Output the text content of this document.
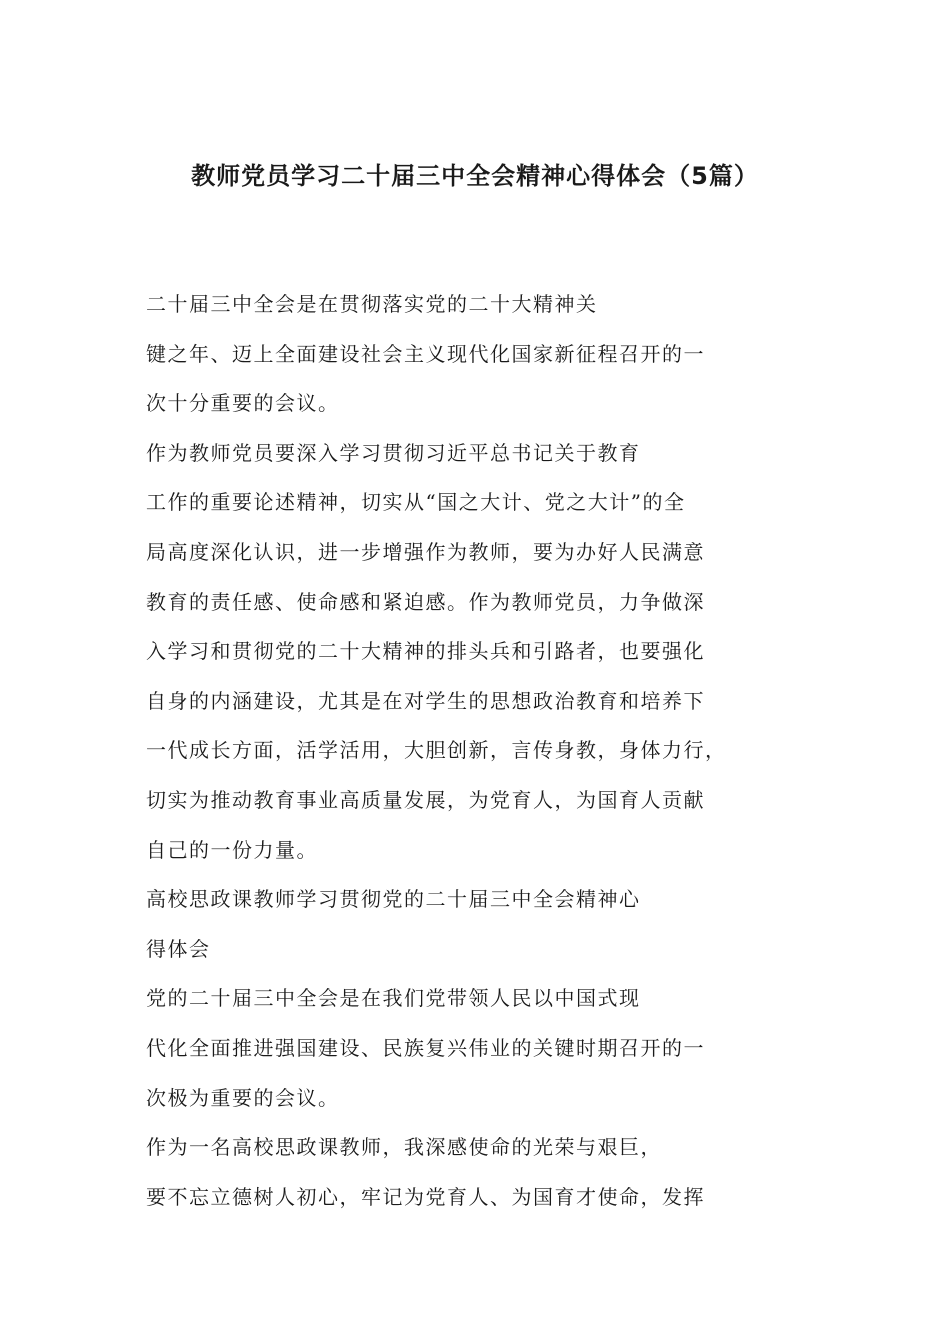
教师党员学习二十届三中全会精神心得体会（5篇）
二十届三中全会是在贯彻落实党的二十大精神关
键之年、迈上全面建设社会主义现代化国家新征程召开的一
次十分重要的会议。
作为教师党员要深入学习贯彻习近平总书记关于教育
工作的重要论述精神，切实从“国之大计、党之大计”的全
局高度深化认识，进一步增强作为教师，要为办好人民满意
教育的责任感、使命感和紧迫感。作为教师党员，力争做深
入学习和贯彻党的二十大精神的排头兵和引路者，也要强化
自身的内涵建设，尤其是在对学生的思想政治教育和培养下
一代成长方面，活学活用，大胆创新，言传身教，身体力行，
切实为推动教育事业高质量发展，为党育人，为国育人贡献
自己的一份力量。
高校思政课教师学习贯彻党的二十届三中全会精神心
得体会
党的二十届三中全会是在我们党带领人民以中国式现
代化全面推进强国建设、民族复兴伟业的关键时期召开的一
次极为重要的会议。
作为一名高校思政课教师，我深感使命的光荣与艰巨，
要不忘立德树人初心，牢记为党育人、为国育才使命，发挥
